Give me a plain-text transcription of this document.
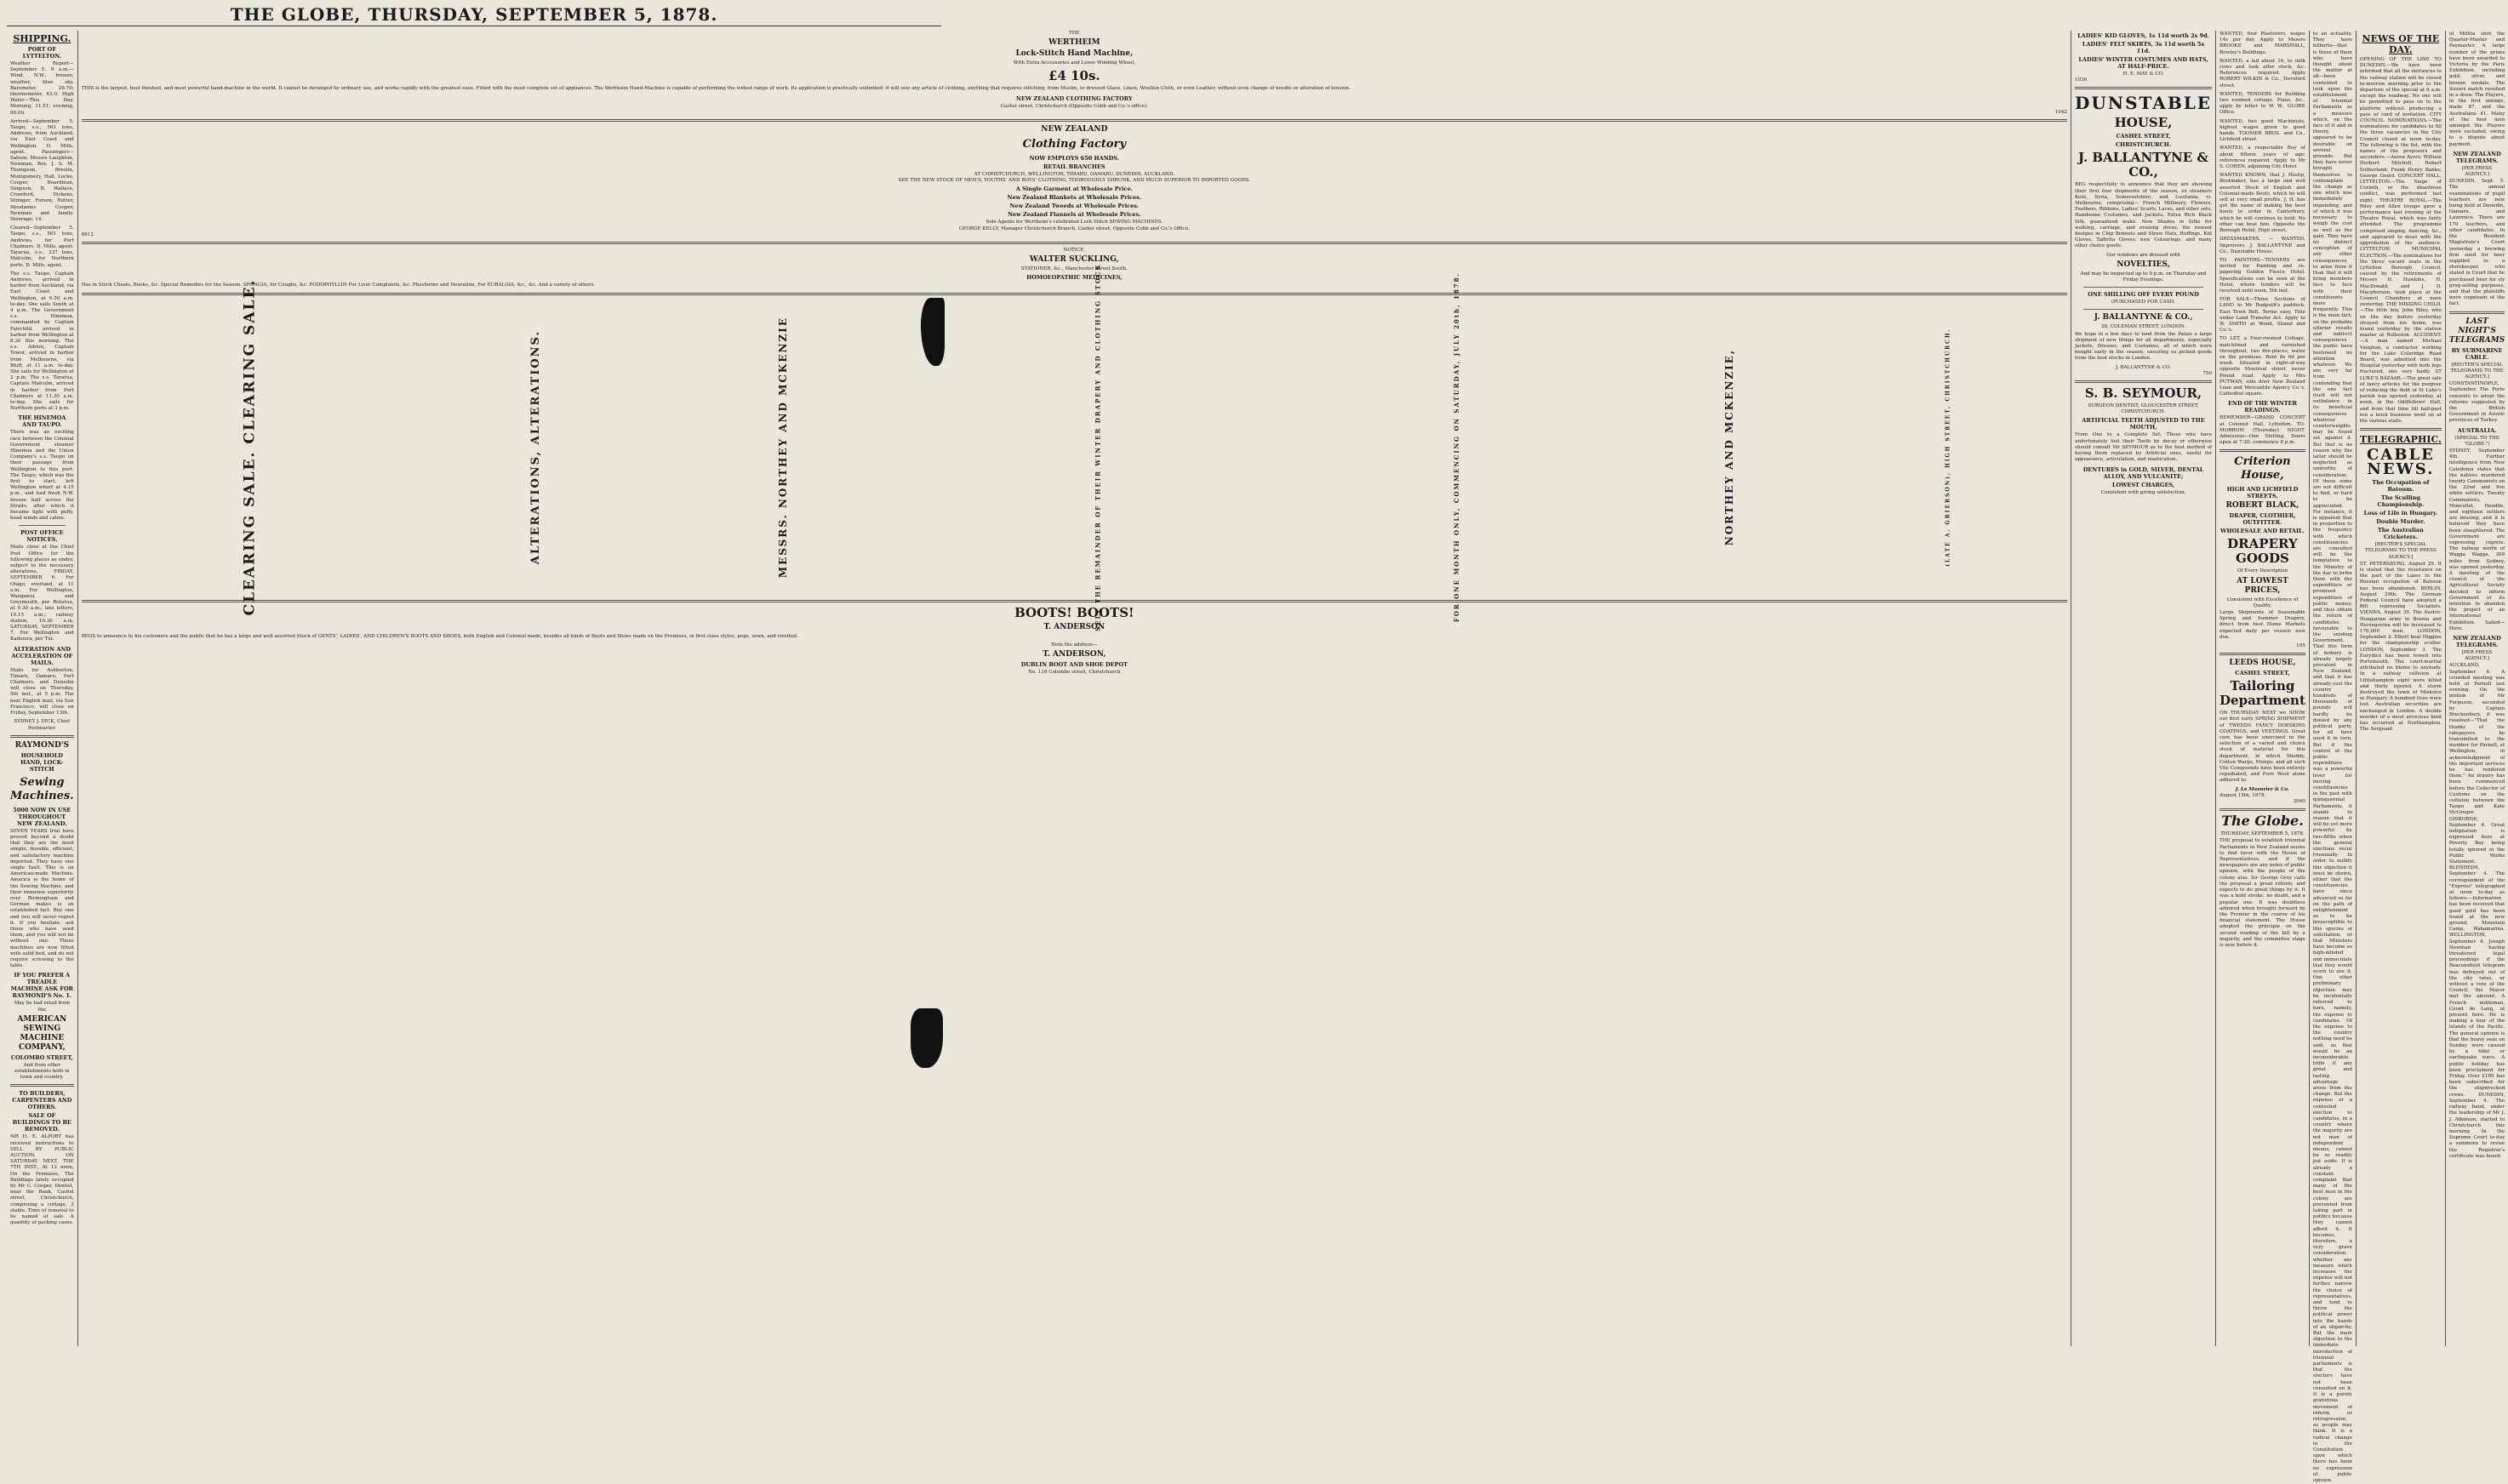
THE GLOBE, THURSDAY, SEPTEMBER 5, 1878.
SHIPPING.
PORT OF LYTTELTON.

Weather Report—September 5. 9 a.m.—Wind, N.W., breeze; weather, blue sky. Barometer, 29.70; thermometer, 63.0. High Water—This Day. Morning, 11.51; evening, 00.00.

Arrived—September 5. Taupo, s.s., 561 tons, Andrews, from Auckland, via East Coast and Wellington. D. Mills, agent. Passengers—Saloon: Messrs Laughton, Newman, Rev. J. S. M. Thompson, Breslin, Montgomery, Hall, Locke, Cooper, Boardman, Simpson, B. Wallace, Crawford, Dickens, Stringer, Forson, Rutter, Mesdames Cooper, Newman and family. Steerage: 14.

Cleared—September 5. Taupo, s.s., 561 tons, Andrews, for Port Chalmers. D. Mills, agent. Tararua, s.s., 337 tons, Malcolm, for Northern ports. D. Mills, agent.

The s.s. Taupo, Captain Andrews, arrived in harbor from Auckland, via East Coast and Wellington, at 6.50 a.m. to-day. She sails South at 4 p.m. The Government s.s. Hinemoa, commanded by Captain Fairchild, arrived in harbor from Wellington at 8.30 this morning. The s.s. Albion, Captain Tower, arrived in harbor from Melbourne, via Bluff, at 11 a.m. to-day. She sails for Wellington at 2 p.m. The s.s. Tararua, Captain Malcolm, arrived in harbor from Port Chalmers at 11.30 a.m. to-day. She sails for Northern ports at 3 p.m.

THE HINEMOA AND TAUPO.

There was an exciting race between the Colonial Government steamer Hinemoa and the Union Company's s.s. Taupo on their passage from Wellington to this port. The Taupo, which was the first to start, left Wellington wharf at 4.15 p.m., and had fresh N.W. breeze half across the Straits, after which it became light with puffy, head winds and calms.

POST OFFICE NOTICES.

Mails close at the Chief Post Office for the following places as under, subject to the necessary alterations. FRIDAY, SEPTEMBER 6. For Otago, overland, at 11 a.m. For Wellington, Wanganui, and Greymouth, per Rotorua, at 9.30 a.m.; late letters, 10.15 a.m.; railway station, 10.30 a.m. SATURDAY, SEPTEMBER 7. For Wellington and Kaikoura, per Tui.

ALTERATION AND ACCELERATION OF MAILS.

Mails for Ashburton, Timaru, Oamaru, Port Chalmers, and Dunedin will close on Thursday, 5th inst., at 5 p.m. The next English mail, via San Francisco, will close on Friday, September 13th.

SYDNEY J. DICK, Chief Postmaster.
RAYMOND'S
HOUSEHOLD HAND, LOCK-STITCH
Sewing Machines.
5000 NOW IN USE THROUGHOUT NEW ZEALAND.

SEVEN YEARS trial have proved beyond a doubt that they are the most simple, durable, efficient, and satisfactory machine imported. They have one single fault. This is an American-made Machine. America is the home of the Sewing Machine, and their immense superiority over Birmingham and German makes is an established fact. Buy one and you will never regret it. If you hesitate, ask those who have used them, and you will not be without one. These machines are now fitted with solid bed, and do not require screwing to the table.

IF YOU PREFER A TREADLE MACHINE ASK FOR RAYMOND'S No. 1.
May be had retail from the
AMERICAN SEWING MACHINE COMPANY,
COLOMBO STREET,
And from other establishments both in town and country.
TO BUILDERS, CARPENTERS AND OTHERS.
SALE OF BUILDINGS TO BE REMOVED.

MR H. E. ALPORT has received instructions to SELL BY PUBLIC AUCTION, ON SATURDAY NEXT, THE 7TH INST., At 12 noon, On the Premises, The Buildings lately occupied by Mr C. Cooper, Dentist, near the Bank, Cashel street, Christchurch, comprising a cottage, 3 stable. Time of removal to be named at sale. A quantity of packing cases.

THE
WERTHEIM
Lock-Stitch Hand Machine,
With Extra Accessories and Loose Winding Wheel,
£4 10s.

THIS is the largest, best finished, and most powerful hand-machine in the world. It cannot be deranged by ordinary use, and works rapidly with the greatest ease. Fitted with the most complete set of appliances. The Wertheim Hand-Machine is capable of performing the widest range of work. Its application is practically unlimited: it will sew any article of clothing, anything that requires stitching, from Muslin, to dressed Glace, Linen, Woollen Cloth, or even Leather, without even change of needle or alteration of tension.

NEW ZEALAND CLOTHING FACTORY
Cashel street, Christchurch (Opposite Cobb and Co.'s office).
1042
NEW ZEALAND
Clothing Factory
NOW EMPLOYS 650 HANDS.
RETAIL BRANCHES
AT CHRISTCHURCH, WELLINGTON, TIMARU, OAMARU, DUNEDIN, AUCKLAND.
SEE THE NEW STOCK OF MEN'S, YOUTHS' AND BOYS' CLOTHING, THOROUGHLY SHRUNK, AND MUCH SUPERIOR TO IMPORTED GOODS.
A Single Garment at Wholesale Price.
New Zealand Blankets at Wholesale Prices.
New Zealand Tweeds at Wholesale Prices.
New Zealand Flannels at Wholesale Prices.
Sole Agents for Wertheim's celebrated Lock Stitch SEWING MACHINES.
GEORGE KELLY, Manager Christchurch Branch, Cashel street, Opposite Cobb and Co.'s Office.
6612
NOTICE.
WALTER SUCKLING,
STATIONER, &c., Manchester Street South.
HOMOEOPATHIC MEDICINES,

Has in Stock Cheats, Books, &c. Special Remedies for the Season. SPONGIA, for Coughs, &c. PODOPHYLLIN For Liver Complaints, &c. Phosferine and Neuraline, For EURALGIA, &c., &c. And a variety of others.

CLEARING SALE. CLEARING SALE.	ALTERATIONS, ALTERATIONS.	MESSRS. NORTHEY AND MCKENZIE	SELL THE REMAINDER OF THEIR WINTER DRAPERY AND CLOTHING STOCK	FOR ONE MONTH ONLY, COMMENCING ON SATURDAY, JULY 20th, 1878.	NORTHEY AND MCKENZIE,	(LATE A. GRIERSON), HIGH STREET, CHRISTCHURCH.
BOOTS! BOOTS!
T. ANDERSON

BEGS to announce to his customers and the public that he has a large and well assorted Stock of GENTS', LADIES', AND CHILDREN'S BOOTS AND SHOES, both English and Colonial made, besides all kinds of Boots and Shoes made on the Premises, in first-class styles, pegs, sewn, and rivetted.

Note the address—
T. ANDERSON,
DUBLIN BOOT AND SHOE DEPOT
No. 116 Colombo street, Christchurch
LADIES' KID GLOVES, 1s 11d worth 2s 9d.
LADIES' FELT SKIRTS, 3s 11d worth 5s 11d.
LADIES' WINTER COSTUMES AND HATS, AT HALF-PRICE.
H. E. MAY & CO.
1036
DUNSTABLE
HOUSE,
CASHEL STREET,
CHRISTCHURCH.
J. BALLANTYNE & CO.,

BEG respectfully to announce that they are showing their first four shipments of the season, ex steamers Kent, Syria, Somersetshire, and Lusitania, vi. Melbourne, comprising— French Millinery, Flowers, Feathers, Ribbons, Ladies' Scarfs, Laces, and other sets; Handsome Costumes, and Jackets, Extra Rich Black Silk, guaranteed make. New Shades in Silks for walking, carriage, and evening dress; the newest designs in Chip Bonnets and Straw Hats, Ruffings, Kid Gloves, Taffetta Gloves; new Colourings, and many other choice goods.

Our windows are dressed with
NOVELTIES,
And may be inspected up to 9 p.m. on Thursday and Friday Evenings.
ONE SHILLING OFF EVERY POUND
(PURCHASED FOR CASH.
J. BALLANTYNE & CO.,
28, COLEMAN STREET, LONDON.

We hope in a few days to land from the Palais a large shipment of new things for all departments, especially Jackets, Dresses, and Costumes, all of which were bought early in the season, ensuring us picked goods from the best stocks in London.

J. BALLANTYNE & CO.
750
S. B. SEYMOUR,
SURGEON DENTIST, GLOUCESTER STREET, CHRISTCHURCH.
ARTIFICIAL TEETH ADJUSTED TO THE MOUTH,

From One to a Complete Set. Those who have unfortunately lost their Teeth by decay or otherwise should consult Mr SEYMOUR as to the best method of having them replaced by Artificial ones, useful for appearance, articulation, and mastication.

DENTURES in GOLD, SILVER, DENTAL ALLOY, AND VULCANITE;
LOWEST CHARGES,
Consistent with giving satisfaction.

WANTED, four Plasterers, wages 14s per day. Apply to Messrs BROOKE and MARSHALL, Rowley's Buildings.

WANTED, a lad about 16, to milk cows and look after stock, &c. References required. Apply ROBERT WILKIN & Co., Hereford street.

WANTED, TENDERS for Building two roomed cottage. Plans, &c., apply by letter to W. W., GLOBE Office.

WANTED, two good Machinists, highest wages given to good hands. TOOMER BROS. and Co., Lichfield street.

WANTED, a respectable Boy of about fifteen years of age; references required. Apply to Mr S. COHEN, adjoining City Hotel.

WANTED KNOWN, that J. Heslip, Bootmaker, has a large and well assorted Stock of English and Colonial-made Boots, which he will sell at very small profits. J. H. has got the name of making the best boots to order in Canterbury, which he will continue to hold. No other can beat him. Opposite the Borough Hotel, High street.

DRESSMAKERS. — WANTED, Improvers. J. BALLANTYNE and Co., Dunstable House.

TO PAINTERS—TENDERS are invited for Painting and re-papering Golden Fleece Hotel. Specifications can be seen at the Hotel, where tenders will be received until noon, 5th inst.

FOR SALE—Three Sections of LAND in Mr Rudputh's paddock, East Town Belt. Terms easy. Title under Land Transfer Act. Apply to W. SMITH at Wood, Shand and Co.'s.

TO LET, a Four-roomed Cottage, matchlined and varnished throughout, two fire-places, water on the premises. Rent 8s 6d per week. Situated in right-of-way opposite Montreal street, never Pound road. Apply to Mrs PUTMAN, side door New Zealand Loan and Mercantile Agency Co.'s, Cathedral square.

END OF THE WINTER READINGS.

REMEMBER—GRAND CONCERT at Colonist Hall, Lyttelton. TO-MORROW (Thursday) NIGHT. Admission—One Shilling. Doors open at 7.20; commence 8 p.m.

Criterion House,
HIGH AND LICHFIELD STREETS.
ROBERT BLACK,
DRAPER, CLOTHIER, OUTFITTER.
WHOLESALE AND RETAIL.
DRAPERY GOODS
Of Every Description
AT LOWEST PRICES,
Consistent with Excellence of Quality.

Large Shipments of Seasonable Spring and Summer Drapery, direct from best Home Markets expected daily per vessels now due.

105
LEEDS HOUSE,
CASHEL STREET,
Tailoring Department

ON THURSDAY NEXT we SHOW our first early SPRING SHIPMENT of TWEEDS FANCY DOESKINS COATINGS, and VESTINGS. Great care has been exercised in the selection of a varied and choice stock of material for this department, in which Shoddy, Cotton Warps, Mungo, and all such Vile Compounds have been entirely repudiated, and Pure Wool alone adhered to.

J. Le Masurier & Co.
August 15th, 1878.
2040
The Globe.
THURSDAY, SEPTEMBER 5, 1878.

THE proposal to establish triennial Parliaments in New Zealand seems to find favor with the House of Representatives, and if the newspapers are any index of public opinion, with the people of the colony also. Sir George Grey calls the proposal a great reform, and expects to do great things by it. It was a bold stroke, no doubt, and a popular one. It was doubtless admired when brought forward by the Premier in the course of his financial statement. The House adopted the principle on the second reading of the bill by a majority, and the committee stage is now before it.

to an actuality. They have hitherto—that is those of them who have thought about the matter at all—been contented to look upon the establishment of triennial Parliaments as a measure which, on the face of it and in theory, appeared to be desirable on several grounds. But they have never brought themselves to contemplate the change as one which was immediately impending, and of which it was necessary to weigh the cost as well as the gain. They have no distinct conception of any other consequences to arise from it than that it will bring members face to face with their constituents more frequently. This is the main fact; on the probable ulterior results and indirect consequences the public have bestowed no attention whatever. We are very far from contending that the one fact itself will not outbalance in its beneficial consequences whatever counterweights may be found set against it. But that is no reason why the latter should be neglected as unworthy of consideration. Of these some are not difficult to find, or hard to be appreciated. For instance, it is apparent that in proportion to the frequency with which constituencies are consulted will be the temptation to the Ministry of the day to bribe them with the expenditure or promised expenditure of public money, and thus obtain the return of candidates favourable to the existing Government. That this form of bribery is already largely prevalent in New Zealand, and that it has already cost the country hundreds of thousands of pounds will hardly be denied by any political party, for all have used it in turn. But if the control of the public expenditure was a powerful lever for moving constituencies in the past with quinquennial Parliaments, it stands to reason that it will be yet more powerful by two-fifths when the general elections recur triennially. In order to nullify this objection it must be shown, either that the constituencies have since advanced so far on the path of enlightenment as to be insusceptible to this species of solicitation, or that Ministers have become so high-minded and immaculate that they would scorn to use it. One other preliminary objection may be incidentally referred to here, namely, the expense to candidates. Of the expense to the country nothing need be said, as that would be an inconsiderable trifle if any great and lasting advantage arose from the change. But the expense of a contested election to candidates, in a country where the majority are not men of independent means, cannot be so readily put aside. It is already a constant complaint that many of the best men in the colony are prevented from taking part in politics because they cannot afford it. It becomes, therefore, a very grave consideration whether any measure which increases the expense will not further narrow the choice of representatives, and tend to throw the political power into the hands of an oligarchy. But the main objection to the immediate introduction of triennial parliaments is that the electors have not been consulted on it. It is a purely gratuitous movement of reform or retrogression, as people may think. It is a radical change in the Constitution upon which there has been no expression of public opinion.

NEWS OF THE DAY.

OPENING OF THE LINE TO DUNEDIN.—We have been informed that all the entrances to the railway station will be closed to-morrow morning prior to the departure of the special at 6 a.m. except the roadway. No one will be permitted to pass on to the platform without producing a pass or card of invitation. CITY COUNCIL NOMINATIONS.—The nominations for candidates to fill the three vacancies in the City Council closed at noon to-day. The following is the list, with the names of the proposers and seconders.—Aaron Ayers; William Herbert Mitchell, Robert Sutherland; Frank Henry Banks; George Gould. CONCERT HALL, LYTTELTON.—The Siege of Corinth, or the disastrous conflict, was performed last night. THEATRE ROYAL.—The Riley and Allen troupe gave a performance last evening at the Theatre Royal, which was fairly attended. The programme comprised singing, dancing, &c., and appeared to meet with the approbation of the audience. LYTTELTON MUNICIPAL ELECTION.—The nominations for the three vacant seats in the Lyttelton Borough Council, caused by the retirements of Messrs H. Hawkins, H. MacDonald, and J. D. Macpherson, took place at the Council Chambers at noon yesterday. THE MISSING CHILD.—The little boy, John Riley, who on the day before yesterday strayed from his home, was found yesterday by the station master at Rolleston. ACCIDENT.—A man named Michael Vaughan, a contractor working for the Lake Coleridge Road Board, was admitted into the Hospital yesterday with both legs fractured, one very badly. ST LUKE'S BAZAAR.—The great sale of fancy articles for the purpose of reducing the debt of St Luke's parish was opened yesterday, at noon, in the Oddfellows' Hall, and from that time till half-past ten a brisk business went on at the various stalls.

TELEGRAPHIC.
CABLE NEWS.
The Occupation of Batoum.
The Sculling Championship.
Loss of Life in Hungary.
Double Murder.
The Australian Cricketers.
[REUTER'S SPECIAL TELEGRAMS TO THE PRESS AGENCY.]

ST. PETERSBURG, August 29. It is stated that the resistance on the part of the Lazes to the Russian occupation of Batoum has been abandoned. BERLIN, August 29th. The German Federal Council have adopted a Bill repressing Socialists. VIENNA, August 30. The Austro-Hungarian army in Bosnia and Herzegovina will be increased to 170,000 men. LONDON, September 2. Elliott beat Higgins for the championship sculler. LONDON, September 3. The Eurydice has been towed into Portsmouth. The court-martial attributed no blame to anybody. In a railway collision at Littlehampton eight were killed and thirty injured. A storm destroyed the town of Miskolcz in Hungary. A hundred lives were lost. Australian securities are unchanged in London. A double murder of a most atrocious kind has occurred at Northampton. The Sergeant

of Militia shot the Quarter-Master and Paymaster. A large number of the prizes have been awarded to Victoria by the Paris Exhibition, including gold, silver, and bronze medals. The Sussex match resulted in a draw. The Players, in the first innings, made 87, and the Australians 41. Many of the best men amongst the Players were excluded, owing to a dispute about payment.

NEW ZEALAND TELEGRAMS.
[PER PRESS AGENCY.]

DUNEDIN, Sept. 5. The annual examinations of pupil teachers are now being held at Dunedin, Oamaru, and Lawrence. There are 170 teachers, and other candidates. In the Resident Magistrate's Court yesterday a brewing firm sued for beer supplied to a storekeeper, who stated in Court that he purchased beer for sly grog-selling purposes, and that the plaintiffs were cognisant of the fact.

LAST NIGHT'S TELEGRAMS
BY SUBMARINE CABLE.
[REUTER'S SPECIAL TELEGRAMS TO THE AGENCY.]

CONSTANTINOPLE, September. The Porte consents to adopt the reforms suggested by the British Government in Asiatic provinces of Turkey.

AUSTRALIA.
(SPECIAL TO THE "GLOBE.")

SYDNEY, September 4th. Further intelligence from New Caledonia states that the natives murdered twenty Communists on the 22nd and five white settlers. Twenty Communists, Moncellet, Hendlie, and eighteen settlers are missing, and it is believed they have been slaughtered. The Government are expressing regrets. The railway worth of Wagga Wagga, 309 miles from Sydney, was opened yesterday. A meeting of the council of the Agricultural Society decided to inform Government of its intention to abandon the project of an International Exhibition. Sailed—Hero.

NEW ZEALAND TELEGRAMS.
[PER PRESS AGENCY.]

AUCKLAND, September 4. A crowded meeting was held at Parnell last evening. On the motion of Mr Ferguson, seconded by Captain Breckenbury, it was resolved—"That the thanks of the ratepayers be transmitted to the member for Parnell, at Wellington, in acknowledgment of the important services he has rendered them." An inquiry has been commenced before the Collector of Customs on the collision between the Taupo and Kate McGregor. GISBORNE, September 4. Great indignation is expressed here at Poverty Bay being totally ignored in the Public Works Statement. BLENHEIM, September 4. The correspondent of the "Express" telegraphed at noon to-day as follows:—Information has been received that good gold has been found at the new ground, Mountain Camp, Wakamarina. WELLINGTON, September 4. Joseph Newman having threatened legal proceedings if the Beaconsfield telegram was defrayed out of the city rates, or without a vote of the Council, the Mayor met the amount. A French nobleman, Count de Lang, at present here. He is making a tour of the islands of the Pacific. The general opinion is that the heavy seas on Sunday were caused by a tidal or earthquake wave. A public holiday has been proclaimed for Friday. Over £100 has been subscribed for the shipwrecked crews. DUNEDIN, September 4. The railway band, under the leadership of Mr J. J. Atkinson, started to Christchurch this morning. In the Supreme Court to-day a summons to revise the Registrar's certificate was heard.
